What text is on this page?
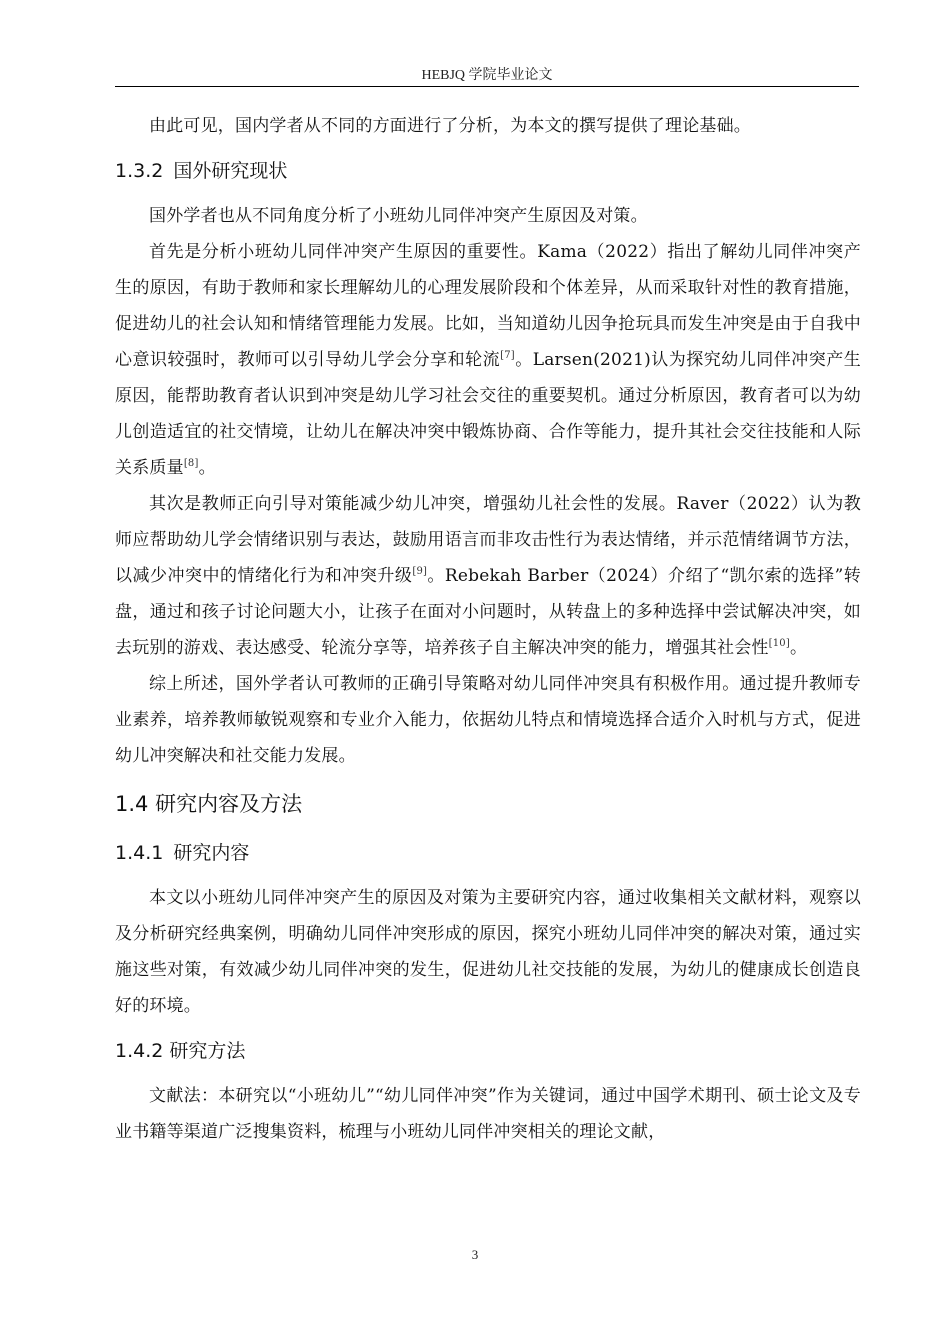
HEBJQ 学院毕业论文

由此可见，国内学者从不同的方面进行了分析，为本文的撰写提供了理论基础。

1.3.2 国外研究现状

国外学者也从不同角度分析了小班幼儿同伴冲突产生原因及对策。

首先是分析小班幼儿同伴冲突产生原因的重要性。Kama（2022）指出了解幼儿同伴冲突产生的原因，有助于教师和家长理解幼儿的心理发展阶段和个体差异，从而采取针对性的教育措施，促进幼儿的社会认知和情绪管理能力发展。比如，当知道幼儿因争抢玩具而发生冲突是由于自我中心意识较强时，教师可以引导幼儿学会分享和轮流[7]。Larsen(2021)认为探究幼儿同伴冲突产生原因，能帮助教育者认识到冲突是幼儿学习社会交往的重要契机。通过分析原因，教育者可以为幼儿创造适宜的社交情境，让幼儿在解决冲突中锻炼协商、合作等能力，提升其社会交往技能和人际关系质量[8]。

其次是教师正向引导对策能减少幼儿冲突，增强幼儿社会性的发展。Raver（2022）认为教师应帮助幼儿学会情绪识别与表达，鼓励用语言而非攻击性行为表达情绪，并示范情绪调节方法，以减少冲突中的情绪化行为和冲突升级[9]。Rebekah Barber（2024）介绍了“凯尔索的选择”转盘，通过和孩子讨论问题大小，让孩子在面对小问题时，从转盘上的多种选择中尝试解决冲突，如去玩别的游戏、表达感受、轮流分享等，培养孩子自主解决冲突的能力，增强其社会性[10]。

综上所述，国外学者认可教师的正确引导策略对幼儿同伴冲突具有积极作用。通过提升教师专业素养，培养教师敏锐观察和专业介入能力，依据幼儿特点和情境选择合适介入时机与方式，促进幼儿冲突解决和社交能力发展。

1.4 研究内容及方法
1.4.1 研究内容

本文以小班幼儿同伴冲突产生的原因及对策为主要研究内容，通过收集相关文献材料，观察以及分析研究经典案例，明确幼儿同伴冲突形成的原因，探究小班幼儿同伴冲突的解决对策，通过实施这些对策，有效减少幼儿同伴冲突的发生，促进幼儿社交技能的发展，为幼儿的健康成长创造良好的环境。

1.4.2 研究方法

文献法：本研究以“小班幼儿”“幼儿同伴冲突”作为关键词，通过中国学术期刊、硕士论文及专业书籍等渠道广泛搜集资料，梳理与小班幼儿同伴冲突相关的理论文献，

3
